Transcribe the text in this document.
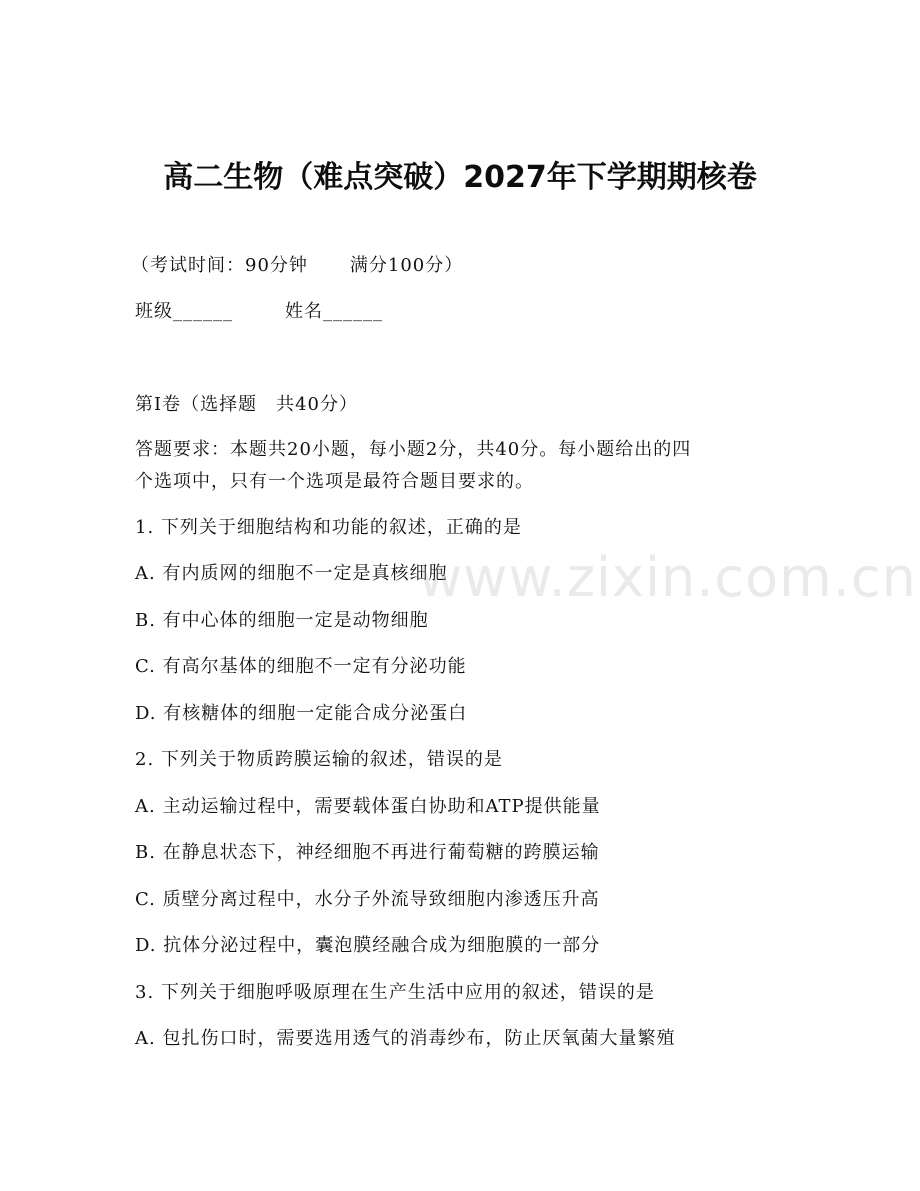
高二生物（难点突破）2027年下学期期核卷
（考试时间：90分钟 满分100分）
班级______	姓名______
第Ⅰ卷（选择题　共40分）
答题要求：本题共20小题，每小题2分，共40分。每小题给出的四
个选项中，只有一个选项是最符合题目要求的。
1. 下列关于细胞结构和功能的叙述，正确的是
A. 有内质网的细胞不一定是真核细胞
B. 有中心体的细胞一定是动物细胞
C. 有高尔基体的细胞不一定有分泌功能
D. 有核糖体的细胞一定能合成分泌蛋白
2. 下列关于物质跨膜运输的叙述，错误的是
A. 主动运输过程中，需要载体蛋白协助和ATP提供能量
B. 在静息状态下，神经细胞不再进行葡萄糖的跨膜运输
C. 质壁分离过程中，水分子外流导致细胞内渗透压升高
D. 抗体分泌过程中，囊泡膜经融合成为细胞膜的一部分
3. 下列关于细胞呼吸原理在生产生活中应用的叙述，错误的是
A. 包扎伤口时，需要选用透气的消毒纱布，防止厌氧菌大量繁殖
www.zixin.com.cn
